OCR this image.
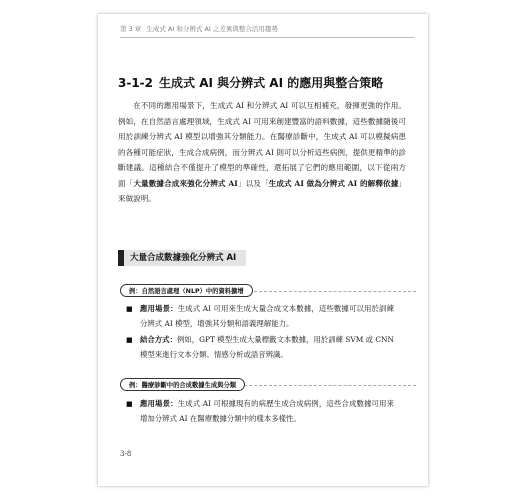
第 3 章 生成式 AI 和分辨式 AI 之差異與整合活用趨勢
3-1-2 生成式 AI 與分辨式 AI 的應用與整合策略

在不同的應用場景下，生成式 AI 和分辨式 AI 可以互相補充，發揮更強的作用。例如，在自然語言處理領域，生成式 AI 可用來創建豐富的語料數據，這些數據隨後可用於訓練分辨式 AI 模型以增強其分類能力。在醫療診斷中，生成式 AI 可以模擬病患的各種可能症狀，生成合成病例，而分辨式 AI 則可以分析這些病例，提供更精準的診斷建議。這種結合不僅提升了模型的準確性，還拓展了它們的應用範圍，以下從兩方面「大量數據合成來強化分辨式 AI」以及「生成式 AI 做為分辨式 AI 的解釋依據」來做說明。

大量合成數據強化分辨式 AI
例：自然語言處理（NLP）中的資料擴增
■ 應用場景：生成式 AI 可用來生成大量合成文本數據，這些數據可以用於訓練分辨式 AI 模型，增強其分類和語義理解能力。
■ 結合方式：例如，GPT 模型生成大量標籤文本數據，用於訓練 SVM 或 CNN 模型來進行文本分類、情感分析或語音辨識。
例：醫療診斷中的合成數據生成與分類
■ 應用場景：生成式 AI 可根據現有的病歷生成合成病例，這些合成數據可用來增加分辨式 AI 在醫療數據分類中的樣本多樣性。
3-8
